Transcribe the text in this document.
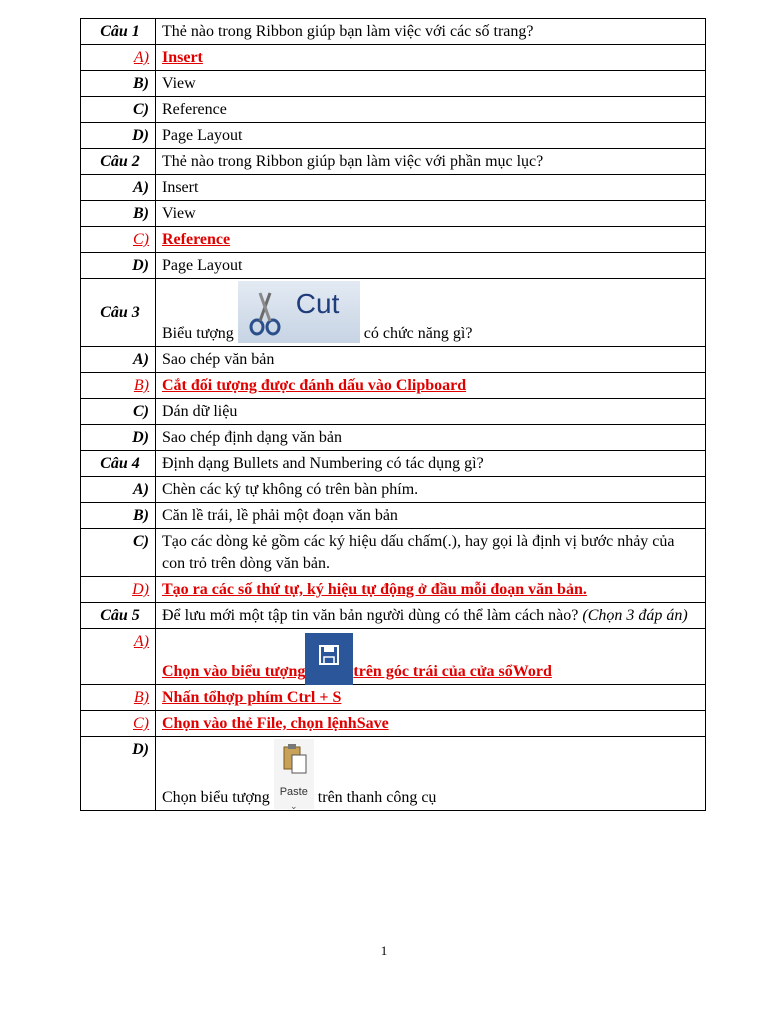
Câu 1	Thẻ nào trong Ribbon giúp bạn làm việc với các số trang?
A)	Insert
B)	View
C)	Reference
D)	Page Layout
Câu 2	Thẻ nào trong Ribbon giúp bạn làm việc với phần mục lục?
A)	Insert
B)	View
C)	Reference
D)	Page Layout
Câu 3	Biểu tượng
Cut
có chức năng gì?
A)	Sao chép văn bản
B)	Cắt đối tượng được đánh dấu vào Clipboard
C)	Dán dữ liệu
D)	Sao chép định dạng văn bản
Câu 4	Định dạng Bullets and Numbering có tác dụng gì?
A)	Chèn các ký tự không có trên bàn phím.
B)	Căn lề trái, lề phải một đoạn văn bản
C)	Tạo các dòng kẻ gồm các ký hiệu dấu chấm(.), hay gọi là định vị bước nhảy của con trỏ trên dòng văn bản.
D)	Tạo ra các số thứ tự, ký hiệu tự động ở đầu mỗi đoạn văn bản.
Câu 5	Để lưu mới một tập tin văn bản người dùng có thể làm cách nào? (Chọn 3 đáp án)
A)	Chọn vào biểu tượng trên góc trái của cửa sổWord
B)	Nhấn tổhợp phím Ctrl + S
C)	Chọn vào thẻ File, chọn lệnhSave
D)	Chọn biểu tượng Paste
⌄ trên thanh công cụ
1
